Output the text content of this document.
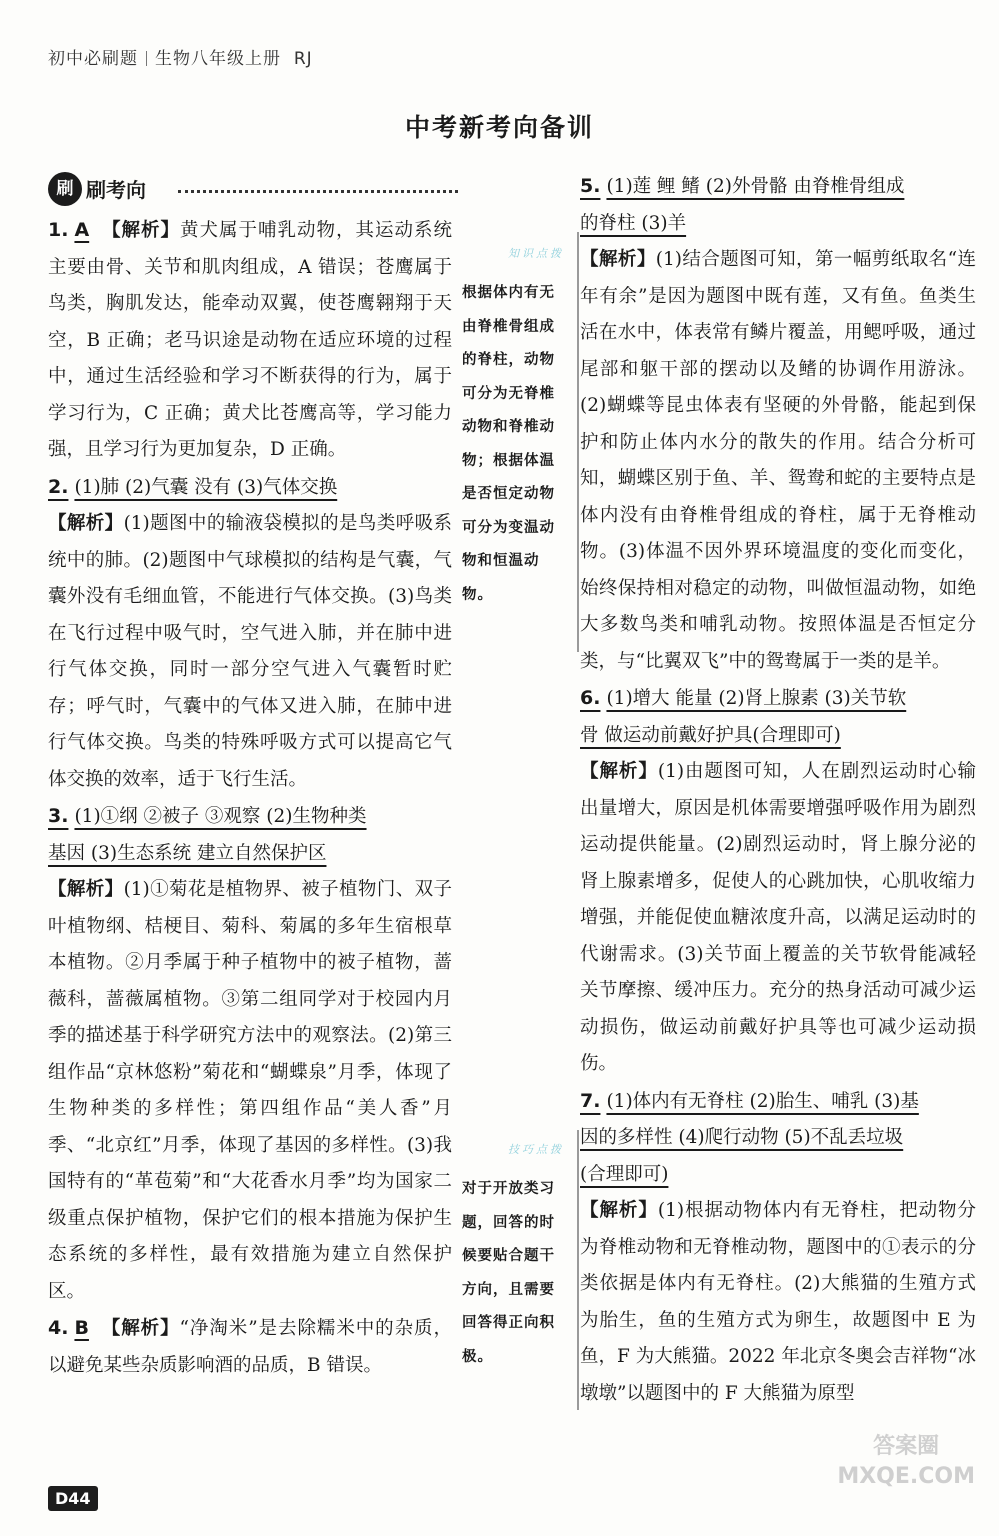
初中必刷题 生物八年级上册 RJ
中考新考向备训
刷 刷考向

1. A 【解析】黄犬属于哺乳动物，其运动系统主要由骨、关节和肌肉组成，A 错误；苍鹰属于鸟类，胸肌发达，能牵动双翼，使苍鹰翱翔于天空，B 正确；老马识途是动物在适应环境的过程中，通过生活经验和学习不断获得的行为，属于学习行为，C 正确；黄犬比苍鹰高等，学习能力强，且学习行为更加复杂，D 正确。

2. (1)肺 (2)气囊 没有 (3)气体交换
【解析】(1)题图中的输液袋模拟的是鸟类呼吸系统中的肺。(2)题图中气球模拟的结构是气囊，气囊外没有毛细血管，不能进行气体交换。(3)鸟类在飞行过程中吸气时，空气进入肺，并在肺中进行气体交换，同时一部分空气进入气囊暂时贮存；呼气时，气囊中的气体又进入肺，在肺中进行气体交换。鸟类的特殊呼吸方式可以提高它气体交换的效率，适于飞行生活。

3. (1)①纲 ②被子 ③观察 (2)生物种类
基因 (3)生态系统 建立自然保护区
【解析】(1)①菊花是植物界、被子植物门、双子叶植物纲、桔梗目、菊科、菊属的多年生宿根草本植物。②月季属于种子植物中的被子植物，蔷薇科，蔷薇属植物。③第二组同学对于校园内月季的描述基于科学研究方法中的观察法。(2)第三组作品“京林悠粉”菊花和“蝴蝶泉”月季，体现了生物种类的多样性；第四组作品“美人香”月季、“北京红”月季，体现了基因的多样性。(3)我国特有的“革苞菊”和“大花香水月季”均为国家二级重点保护植物，保护它们的根本措施为保护生态系统的多样性，最有效措施为建立自然保护区。

4. B 【解析】“净淘米”是去除糯米中的杂质，以避免某些杂质影响酒的品质，B 错误。

知识点拨
根据体内有无由脊椎骨组成的脊柱，动物可分为无脊椎动物和脊椎动物；根据体温是否恒定动物可分为变温动物和恒温动物。
技巧点拨
对于开放类习题，回答的时候要贴合题干方向，且需要回答得正向积极。

5. (1)莲 鲤 鳍 (2)外骨骼 由脊椎骨组成
的脊柱 (3)羊
【解析】(1)结合题图可知，第一幅剪纸取名“连年有余”是因为题图中既有莲，又有鱼。鱼类生活在水中，体表常有鳞片覆盖，用鳃呼吸，通过尾部和躯干部的摆动以及鳍的协调作用游泳。(2)蝴蝶等昆虫体表有坚硬的外骨骼，能起到保护和防止体内水分的散失的作用。结合分析可知，蝴蝶区别于鱼、羊、鸳鸯和蛇的主要特点是体内没有由脊椎骨组成的脊柱，属于无脊椎动物。(3)体温不因外界环境温度的变化而变化，始终保持相对稳定的动物，叫做恒温动物，如绝大多数鸟类和哺乳动物。按照体温是否恒定分类，与“比翼双飞”中的鸳鸯属于一类的是羊。

6. (1)增大 能量 (2)肾上腺素 (3)关节软
骨 做运动前戴好护具(合理即可)
【解析】(1)由题图可知，人在剧烈运动时心输出量增大，原因是机体需要增强呼吸作用为剧烈运动提供能量。(2)剧烈运动时，肾上腺分泌的肾上腺素增多，促使人的心跳加快，心肌收缩力增强，并能促使血糖浓度升高，以满足运动时的代谢需求。(3)关节面上覆盖的关节软骨能减轻关节摩擦、缓冲压力。充分的热身活动可减少运动损伤，做运动前戴好护具等也可减少运动损伤。

7. (1)体内有无脊柱 (2)胎生、哺乳 (3)基
因的多样性 (4)爬行动物 (5)不乱丢垃圾
(合理即可)
【解析】(1)根据动物体内有无脊柱，把动物分为脊椎动物和无脊椎动物，题图中的①表示的分类依据是体内有无脊柱。(2)大熊猫的生殖方式为胎生，鱼的生殖方式为卵生，故题图中 E 为鱼，F 为大熊猫。2022 年北京冬奥会吉祥物“冰墩墩”以题图中的 F 大熊猫为原型

D44
答案圈
MXQE.COM
